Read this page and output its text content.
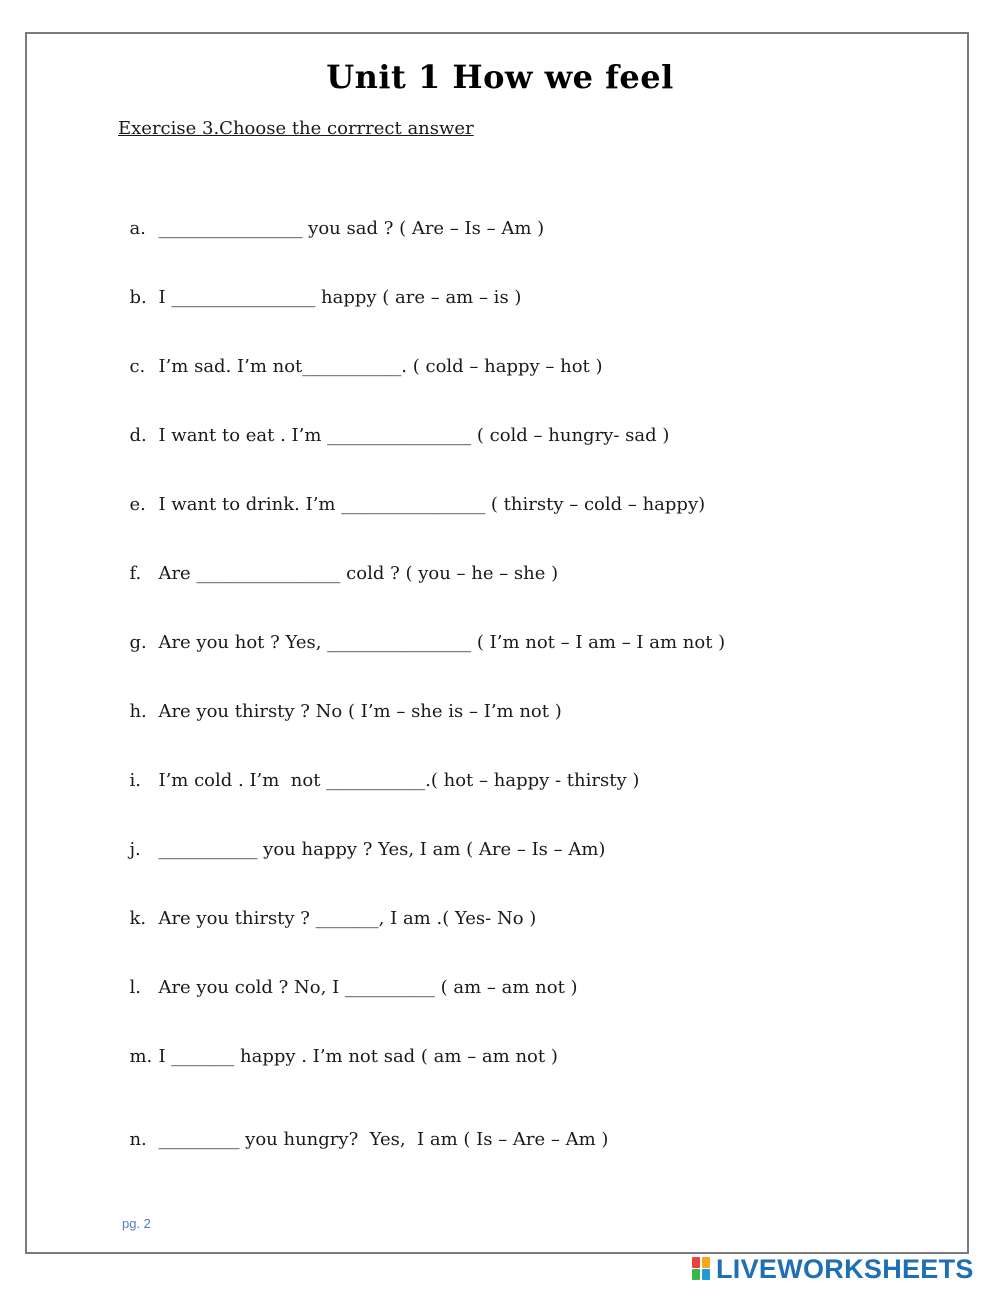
Unit 1 How we feel
Exercise 3.Choose the corrrect answer

a. ________________ you sad ? ( Are – Is – Am )

b. I ________________ happy ( are – am – is )

c. I’m sad. I’m not___________. ( cold – happy – hot )

d. I want to eat . I’m ________________ ( cold – hungry- sad )

e. I want to drink. I’m ________________ ( thirsty – cold – happy)

f. Are ________________ cold ? ( you – he – she )

g. Are you hot ? Yes, ________________ ( I’m not – I am – I am not )

h. Are you thirsty ? No ( I’m – she is – I’m not )

i. I’m cold . I’m  not ___________.( hot – happy - thirsty )

j. ___________ you happy ? Yes, I am ( Are – Is – Am)

k. Are you thirsty ? _______, I am .( Yes- No )

l. Are you cold ? No, I __________ ( am – am not )

m. I _______ happy . I’m not sad ( am – am not )

n. _________ you hungry?  Yes,  I am ( Is – Are – Am )

pg. 2
LIVEWORKSHEETS
